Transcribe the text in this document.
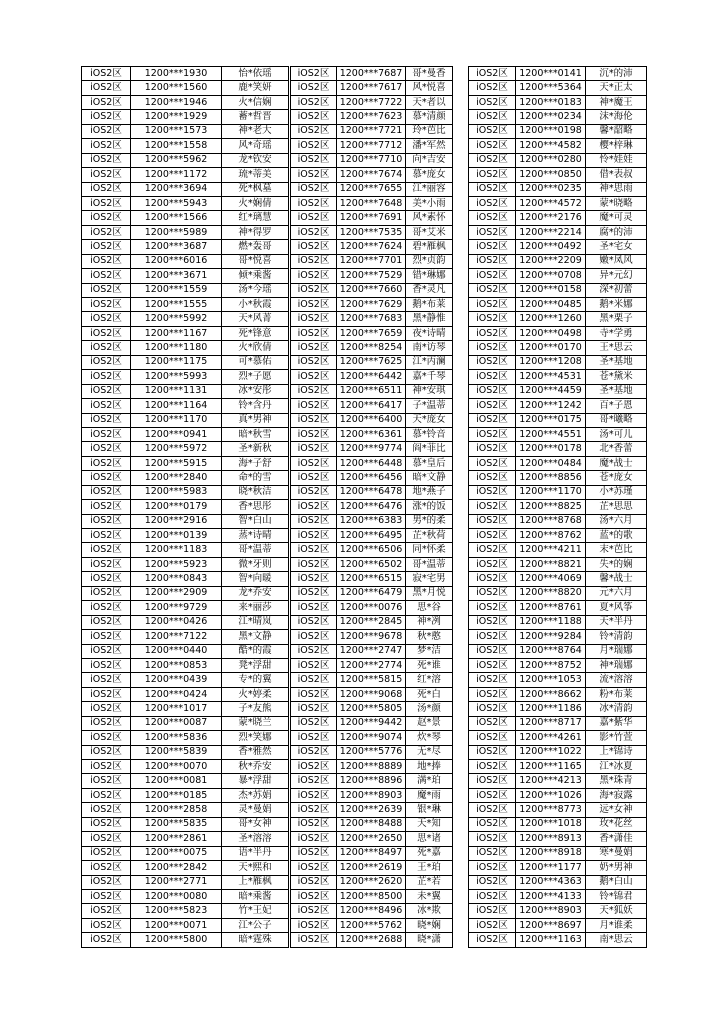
iOS2区	1200***1930	怡*依瑶
iOS2区	1200***1560	鹿*笑妍
iOS2区	1200***1946	火*信娴
iOS2区	1200***1929	蓄*哲晋
iOS2区	1200***1573	神*老大
iOS2区	1200***1558	风*奇瑶
iOS2区	1200***5962	龙*钦安
iOS2区	1200***1172	琉*蒂美
iOS2区	1200***3694	死*枫墓
iOS2区	1200***5943	火*娴倩
iOS2区	1200***1566	红*璃慧
iOS2区	1200***5989	神*得罗
iOS2区	1200***3687	燃*轰哥
iOS2区	1200***6016	哥*悦喜
iOS2区	1200***3671	倾*乘酱
iOS2区	1200***1559	汤*今瑶
iOS2区	1200***1555	小*秋霞
iOS2区	1200***5992	天*风菁
iOS2区	1200***1167	死*锋意
iOS2区	1200***1180	火*欣倩
iOS2区	1200***1175	可*慕佑
iOS2区	1200***5993	烈*子愿
iOS2区	1200***1131	冰*安彤
iOS2区	1200***1164	铃*含丹
iOS2区	1200***1170	真*男神
iOS2区	1200***0941	暗*秋雪
iOS2区	1200***5972	圣*新秋
iOS2区	1200***5915	海*子舒
iOS2区	1200***2840	命*的雪
iOS2区	1200***5983	晓*秋洁
iOS2区	1200***0179	香*思彤
iOS2区	1200***2916	智*白山
iOS2区	1200***0139	蒸*诗晴
iOS2区	1200***1183	哥*温蒂
iOS2区	1200***5923	微*牙则
iOS2区	1200***0843	智*向暖
iOS2区	1200***2909	龙*乔安
iOS2区	1200***9729	来*丽莎
iOS2区	1200***0426	江*晴岚
iOS2区	1200***7122	黑*文静
iOS2区	1200***0440	酷*的霞
iOS2区	1200***0853	凳*浮甜
iOS2区	1200***0439	专*的翼
iOS2区	1200***0424	火*婷柔
iOS2区	1200***1017	子*友熊
iOS2区	1200***0087	蒙*晓兰
iOS2区	1200***5836	烈*笑娜
iOS2区	1200***5839	香*雅然
iOS2区	1200***0070	秋*乔安
iOS2区	1200***0081	暴*浮甜
iOS2区	1200***0185	杰*苏娟
iOS2区	1200***2858	灵*曼娟
iOS2区	1200***5835	哥*女神
iOS2区	1200***2861	圣*溶溶
iOS2区	1200***0075	语*半丹
iOS2区	1200***2842	天*熙和
iOS2区	1200***2771	上*雁枫
iOS2区	1200***0080	暗*乘酱
iOS2区	1200***5823	竹*王妃
iOS2区	1200***0071	江*公子
iOS2区	1200***5800	暗*霆殊
iOS2区	1200***7687	哥*曼香
iOS2区	1200***7617	风*悦喜
iOS2区	1200***7722	天*者以
iOS2区	1200***7623	慕*清颜
iOS2区	1200***7721	玲*芭比
iOS2区	1200***7712	潘*军然
iOS2区	1200***7710	向*吉安
iOS2区	1200***7674	慕*庞女
iOS2区	1200***7655	江*丽容
iOS2区	1200***7648	美*小雨
iOS2区	1200***7691	风*素怀
iOS2区	1200***7535	哥*艾米
iOS2区	1200***7624	碧*雁枫
iOS2区	1200***7701	烈*贞韵
iOS2区	1200***7529	错*琳娜
iOS2区	1200***7660	香*灵凡
iOS2区	1200***7629	鹅*布莱
iOS2区	1200***7683	黑*静惟
iOS2区	1200***7659	夜*诗晴
iOS2区	1200***8254	南*访琴
iOS2区	1200***7625	江*丙澜
iOS2区	1200***6442	嘉*千琴
iOS2区	1200***6511	神*安琪
iOS2区	1200***6417	子*温蒂
iOS2区	1200***6400	天*庞女
iOS2区	1200***6361	慕*铃音
iOS2区	1200***9774	阎*菲比
iOS2区	1200***6448	慕*皇后
iOS2区	1200***6456	暗*文静
iOS2区	1200***6478	地*燕子
iOS2区	1200***6476	涨*的饭
iOS2区	1200***6383	男*的柔
iOS2区	1200***6495	芷*秋荷
iOS2区	1200***6506	同*怀柔
iOS2区	1200***6502	哥*温蒂
iOS2区	1200***6515	寂*宅男
iOS2区	1200***6479	黑*月悦
iOS2区	1200***0076	思*谷
iOS2区	1200***2845	神*冽
iOS2区	1200***9678	秋*憨
iOS2区	1200***2747	梦*洁
iOS2区	1200***2774	死*谁
iOS2区	1200***5815	红*溶
iOS2区	1200***9068	死*白
iOS2区	1200***5805	汤*颜
iOS2区	1200***9442	赵*景
iOS2区	1200***9074	炊*琴
iOS2区	1200***5776	无*尽
iOS2区	1200***8889	地*捧
iOS2区	1200***8896	满*珀
iOS2区	1200***8903	魔*雨
iOS2区	1200***2639	银*琳
iOS2区	1200***8488	天*知
iOS2区	1200***2650	思*诸
iOS2区	1200***8497	死*嘉
iOS2区	1200***2619	王*珀
iOS2区	1200***2620	芷*若
iOS2区	1200***8500	未*翼
iOS2区	1200***8496	冰*欺
iOS2区	1200***5762	晓*娴
iOS2区	1200***2688	晓*潇
iOS2区	1200***0141	沉*的沛
iOS2区	1200***5364	天*正太
iOS2区	1200***0183	神*魔王
iOS2区	1200***0234	沫*海伦
iOS2区	1200***0198	馨*韶略
iOS2区	1200***4582	樱*梓琳
iOS2区	1200***0280	怜*娃娃
iOS2区	1200***0850	借*表叔
iOS2区	1200***0235	神*思雨
iOS2区	1200***4572	蒙*晓略
iOS2区	1200***2176	魔*可灵
iOS2区	1200***2214	腐*的沛
iOS2区	1200***0492	圣*宅女
iOS2区	1200***2209	嫩*凤风
iOS2区	1200***0708	异*元幻
iOS2区	1200***0158	深*初蕾
iOS2区	1200***0485	鹅*米娜
iOS2区	1200***1260	黑*栗子
iOS2区	1200***0498	寺*学勇
iOS2区	1200***0170	王*思云
iOS2区	1200***1208	圣*基地
iOS2区	1200***4531	苍*黛米
iOS2区	1200***4459	圣*基地
iOS2区	1200***1242	百*子恩
iOS2区	1200***0175	哥*曦略
iOS2区	1200***4551	汤*可儿
iOS2区	1200***0178	北*香蕾
iOS2区	1200***0484	魔*战士
iOS2区	1200***8856	苍*庞女
iOS2区	1200***1170	小*苏瑾
iOS2区	1200***8825	芷*思思
iOS2区	1200***8768	汤*六月
iOS2区	1200***8762	蓝*的歌
iOS2区	1200***4211	末*芭比
iOS2区	1200***8821	失*的娴
iOS2区	1200***4069	馨*战士
iOS2区	1200***8820	元*六月
iOS2区	1200***8761	夏*风筝
iOS2区	1200***1188	天*半丹
iOS2区	1200***9284	铃*清韵
iOS2区	1200***8764	月*瑞娜
iOS2区	1200***8752	神*瑞娜
iOS2区	1200***1053	流*溶溶
iOS2区	1200***8662	粉*布莱
iOS2区	1200***1186	冰*清韵
iOS2区	1200***8717	嘉*紫华
iOS2区	1200***4261	影*竹萱
iOS2区	1200***1022	上*锦诗
iOS2区	1200***1165	江*冰夏
iOS2区	1200***4213	黑*珠青
iOS2区	1200***1026	海*寂露
iOS2区	1200***8773	远*女神
iOS2区	1200***1018	玫*花丝
iOS2区	1200***8913	香*潇佳
iOS2区	1200***8918	寒*曼娟
iOS2区	1200***1177	奶*男神
iOS2区	1200***4363	鹅*白山
iOS2区	1200***4133	铃*锦君
iOS2区	1200***8903	天*狐妖
iOS2区	1200***8697	月*谁柔
iOS2区	1200***1163	南*思云
